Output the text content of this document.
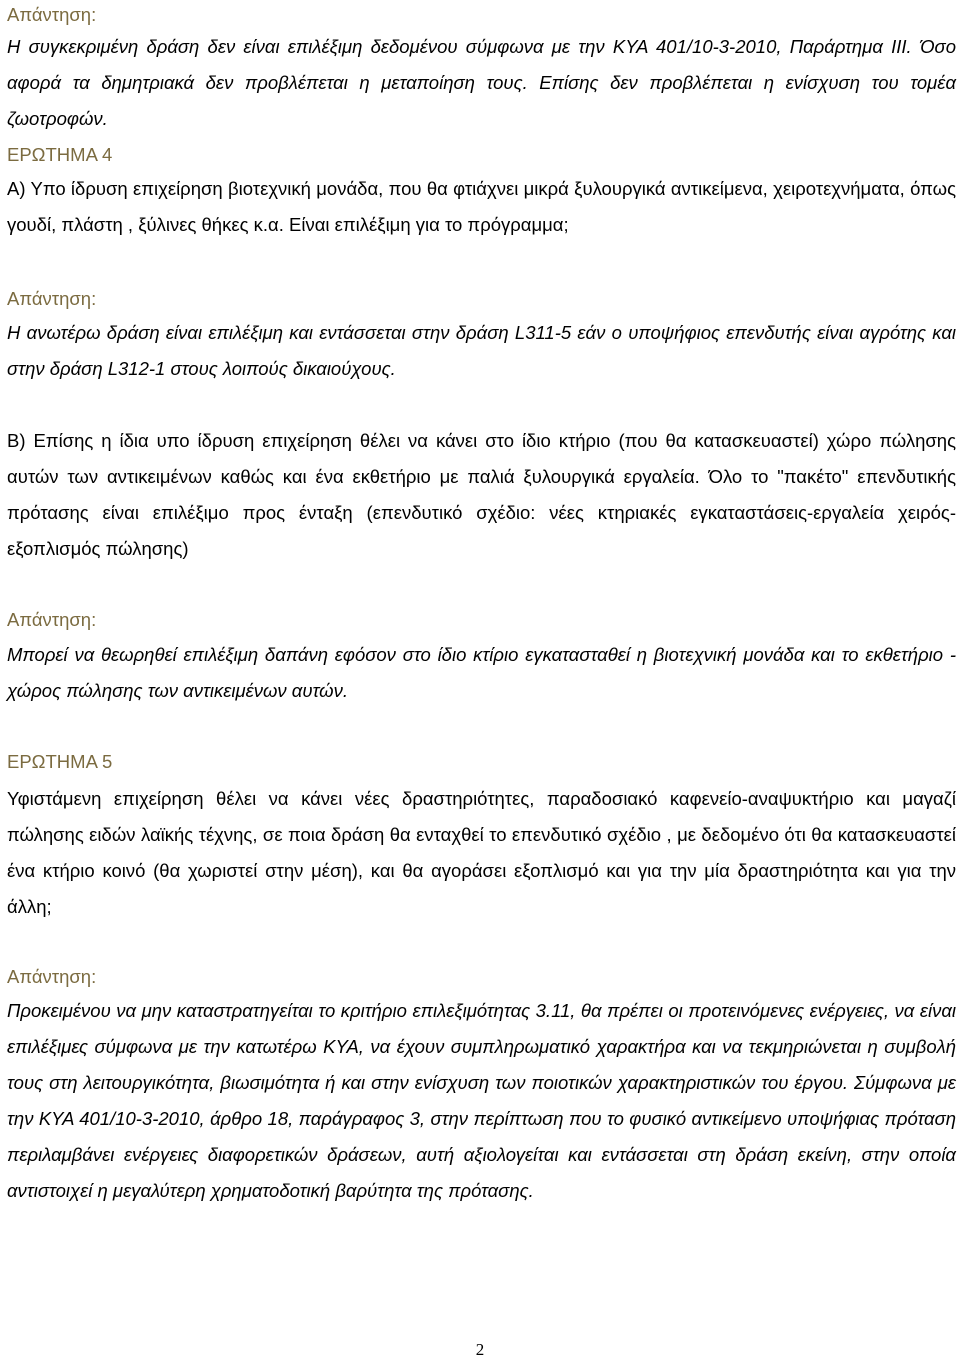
Απάντηση:

Η συγκεκριμένη δράση δεν είναι επιλέξιμη δεδομένου σύμφωνα με την ΚΥΑ 401/10-3-2010, Παράρτημα ΙΙΙ. Όσο αφορά τα δημητριακά δεν προβλέπεται η μεταποίηση τους. Επίσης δεν προβλέπεται η ενίσχυση του τομέα ζωοτροφών.

ΕΡΩΤΗΜΑ 4

Α) Υπο ίδρυση επιχείρηση βιοτεχνική μονάδα, που θα φτιάχνει μικρά ξυλουργικά αντικείμενα, χειροτεχνήματα, όπως γουδί, πλάστη , ξύλινες θήκες κ.α. Είναι επιλέξιμη για το πρόγραμμα;

Απάντηση:

Η ανωτέρω δράση είναι επιλέξιμη και εντάσσεται στην δράση L311-5 εάν ο υποψήφιος επενδυτής είναι αγρότης και στην δράση L312-1 στους λοιπούς δικαιούχους.

Β) Επίσης η ίδια υπο ίδρυση επιχείρηση θέλει να κάνει στο ίδιο κτήριο (που θα κατασκευαστεί) χώρο πώλησης αυτών των αντικειμένων καθώς και ένα εκθετήριο με παλιά ξυλουργικά εργαλεία. Όλο το "πακέτο" επενδυτικής πρότασης είναι επιλέξιμο προς ένταξη (επενδυτικό σχέδιο: νέες κτηριακές εγκαταστάσεις-εργαλεία χειρός-εξοπλισμός πώλησης)

Απάντηση:

Μπορεί να θεωρηθεί επιλέξιμη δαπάνη εφόσον στο ίδιο κτίριο εγκατασταθεί η βιοτεχνική μονάδα και το εκθετήριο - χώρος πώλησης των αντικειμένων αυτών.

ΕΡΩΤΗΜΑ 5

Υφιστάμενη επιχείρηση θέλει να κάνει νέες δραστηριότητες, παραδοσιακό καφενείο-αναψυκτήριο και μαγαζί πώλησης ειδών λαϊκής τέχνης, σε ποια δράση θα ενταχθεί το επενδυτικό σχέδιο , με δεδομένο ότι θα κατασκευαστεί ένα κτήριο κοινό (θα χωριστεί στην μέση), και θα αγοράσει εξοπλισμό και για την μία δραστηριότητα και για την άλλη;

Απάντηση:

Προκειμένου να μην καταστρατηγείται το κριτήριο επιλεξιμότητας 3.11, θα πρέπει οι προτεινόμενες ενέργειες, να είναι επιλέξιμες σύμφωνα με την κατωτέρω ΚΥΑ, να έχουν συμπληρωματικό χαρακτήρα και να τεκμηριώνεται η συμβολή τους στη λειτουργικότητα, βιωσιμότητα ή και στην ενίσχυση των ποιοτικών χαρακτηριστικών του έργου. Σύμφωνα με την ΚΥΑ 401/10-3-2010, άρθρο 18, παράγραφος 3, στην περίπτωση που το φυσικό αντικείμενο υποψήφιας πρόταση περιλαμβάνει ενέργειες διαφορετικών δράσεων, αυτή αξιολογείται και εντάσσεται στη δράση εκείνη, στην οποία αντιστοιχεί η μεγαλύτερη χρηματοδοτική βαρύτητα της πρότασης.

2
